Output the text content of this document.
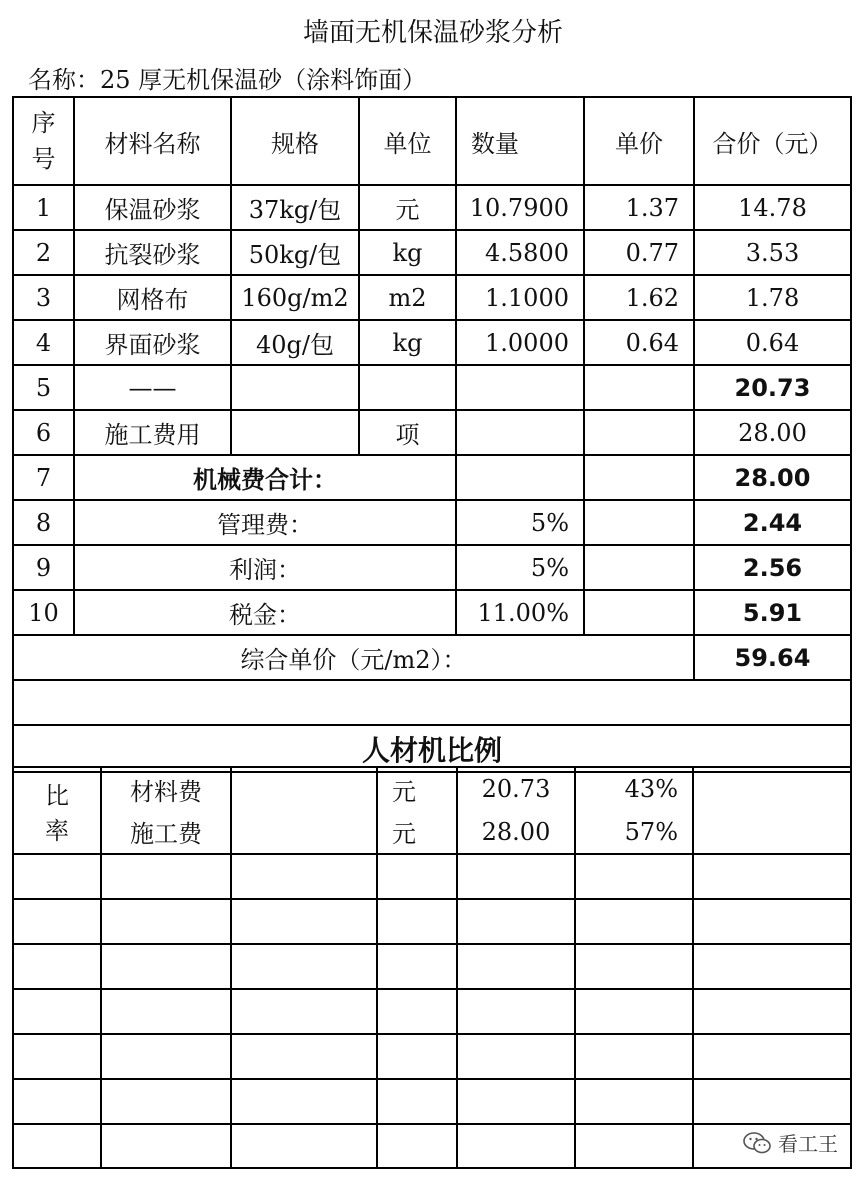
墙面无机保温砂浆分析
名称：25 厚无机保温砂（涂料饰面）
序
号	材料名称	规格	单位	数量	单价	合价（元）
1	保温砂浆	37kg/包	元	10.7900	1.37	14.78
2	抗裂砂浆	50kg/包	kg	4.5800	0.77	3.53
3	网格布	160g/m2	m2	1.1000	1.62	1.78
4	界面砂浆	40g/包	kg	1.0000	0.64	0.64
5	——					20.73
6	施工费用		项			28.00
7	机械费合计：					28.00
8	管理费：			5%		2.44
9	利润：			5%		2.56
10	税金：			11.00%		5.91
综合单价（元/m2）：						59.64

人材机比例						
比
率	材料费		元	20.73	43%	
	施工费		元	28.00	57%	

看工王
